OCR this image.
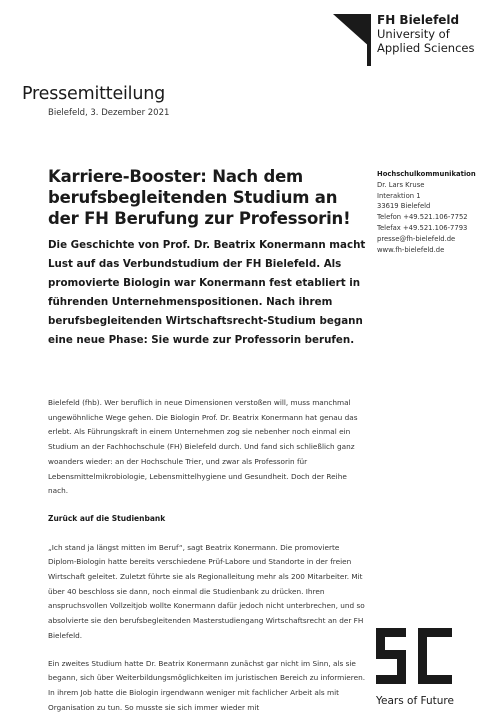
FH Bielefeld
University of
Applied Sciences
Pressemitteilung
Bielefeld, 3. Dezember 2021
Hochschulkommunikation
Dr. Lars Kruse
Interaktion 1
33619 Bielefeld
Telefon +49.521.106-7752
Telefax +49.521.106-7793
presse@fh-bielefeld.de
www.fh-bielefeld.de
Karriere-Booster: Nach dem berufsbegleitenden Studium an der FH Berufung zur Professorin!

Die Geschichte von Prof. Dr. Beatrix Konermann macht Lust auf das Verbundstudium der FH Bielefeld. Als promovierte Biologin war Konermann fest etabliert in führenden Unternehmenspositionen. Nach ihrem berufsbegleitenden Wirtschaftsrecht-Studium begann eine neue Phase: Sie wurde zur Professorin berufen.

Bielefeld (fhb). Wer beruflich in neue Dimensionen verstoßen will, muss manchmal ungewöhnliche Wege gehen. Die Biologin Prof. Dr. Beatrix Konermann hat genau das erlebt. Als Führungskraft in einem Unternehmen zog sie nebenher noch einmal ein Studium an der Fachhochschule (FH) Bielefeld durch. Und fand sich schließlich ganz woanders wieder: an der Hochschule Trier, und zwar als Professorin für Lebensmittelmikrobiologie, Lebensmittelhygiene und Gesundheit. Doch der Reihe nach.

Zurück auf die Studienbank

„Ich stand ja längst mitten im Beruf“, sagt Beatrix Konermann. Die promovierte Diplom-Biologin hatte bereits verschiedene Prüf-Labore und Standorte in der freien Wirtschaft geleitet. Zuletzt führte sie als Regionalleitung mehr als 200 Mitarbeiter. Mit über 40 beschloss sie dann, noch einmal die Studienbank zu drücken. Ihren anspruchsvollen Vollzeitjob wollte Konermann dafür jedoch nicht unterbrechen, und so absolvierte sie den berufsbegleitenden Masterstudiengang Wirtschaftsrecht an der FH Bielefeld.

Ein zweites Studium hatte Dr. Beatrix Konermann zunächst gar nicht im Sinn, als sie begann, sich über Weiterbildungsmöglichkeiten im juristischen Bereich zu informieren. In ihrem Job hatte die Biologin irgendwann weniger mit fachlicher Arbeit als mit Organisation zu tun. So musste sie sich immer wieder mit

Years of Future
